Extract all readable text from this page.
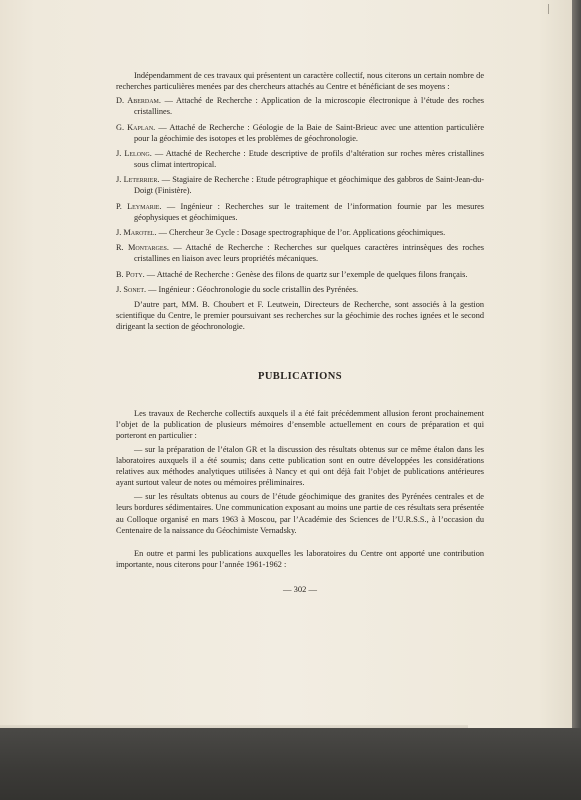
Indépendamment de ces travaux qui présentent un caractère collectif, nous citerons un certain nombre de recherches particulières menées par des chercheurs attachés au Centre et bénéficiant de ses moyens :

D. Aberdam. — Attaché de Recherche : Application de la microscopie électronique à l’étude des roches cristallines.

G. Kaplan. — Attaché de Recherche : Géologie de la Baie de Saint-Brieuc avec une attention particulière pour la géochimie des isotopes et les problèmes de géochronologie.

J. Lelong. — Attaché de Recherche : Etude descriptive de profils d’altération sur roches mères cristallines sous climat intertropical.

J. Leterrier. — Stagiaire de Recherche : Etude pétrographique et géochimique des gabbros de Saint-Jean-du-Doigt (Finistère).

P. Leymarie. — Ingénieur : Recherches sur le traitement de l’information fournie par les mesures géophysiques et géochimiques.

J. Marotel. — Chercheur 3e Cycle : Dosage spectrographique de l’or. Applications géochimiques.

R. Montarges. — Attaché de Recherche : Recherches sur quelques caractères intrinsèques des roches cristallines en liaison avec leurs propriétés mécaniques.

B. Poty. — Attaché de Recherche : Genèse des filons de quartz sur l’exemple de quelques filons français.

J. Sonet. — Ingénieur : Géochronologie du socle cristallin des Pyrénées.

D’autre part, MM. B. Choubert et F. Leutwein, Directeurs de Recherche, sont associés à la gestion scientifique du Centre, le premier poursuivant ses recherches sur la géochimie des roches ignées et le second dirigeant la section de géochronologie.

PUBLICATIONS

Les travaux de Recherche collectifs auxquels il a été fait précédemment allusion feront prochainement l’objet de la publication de plusieurs mémoires d’ensemble actuellement en cours de préparation et qui porteront en particulier :

— sur la préparation de l’étalon GR et la discussion des résultats obtenus sur ce même étalon dans les laboratoires auxquels il a été soumis; dans cette publication sont en outre développées les considérations relatives aux méthodes analytiques utilisées à Nancy et qui ont déjà fait l’objet de publications antérieures ayant surtout valeur de notes ou mémoires préliminaires.

— sur les résultats obtenus au cours de l’étude géochimique des granites des Pyrénées centrales et de leurs bordures sédimentaires. Une communication exposant au moins une partie de ces résultats sera présentée au Colloque organisé en mars 1963 à Moscou, par l’Académie des Sciences de l’U.R.S.S., à l’occasion du Centenaire de la naissance du Géochimiste Vernadsky.

En outre et parmi les publications auxquelles les laboratoires du Centre ont apporté une contribution importante, nous citerons pour l’année 1961-1962 :

— 302 —
